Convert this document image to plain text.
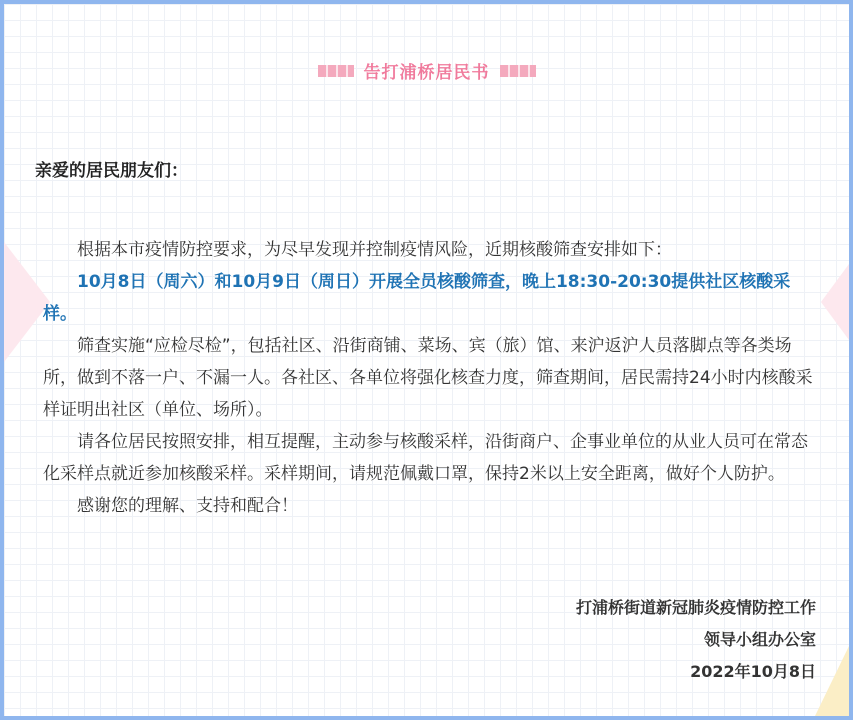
告打浦桥居民书
亲爱的居民朋友们：

根据本市疫情防控要求，为尽早发现并控制疫情风险，近期核酸筛查安排如下：

10月8日（周六）和10月9日（周日）开展全员核酸筛查，晚上18:30-20:30提供社区核酸采样。

筛查实施“应检尽检”，包括社区、沿街商铺、菜场、宾（旅）馆、来沪返沪人员落脚点等各类场所，做到不落一户、不漏一人。各社区、各单位将强化核查力度，筛查期间，居民需持24小时内核酸采样证明出社区（单位、场所）。

请各位居民按照安排，相互提醒，主动参与核酸采样，沿街商户、企事业单位的从业人员可在常态化采样点就近参加核酸采样。采样期间，请规范佩戴口罩，保持2米以上安全距离，做好个人防护。

感谢您的理解、支持和配合！

打浦桥街道新冠肺炎疫情防控工作
领导小组办公室
2022年10月8日
